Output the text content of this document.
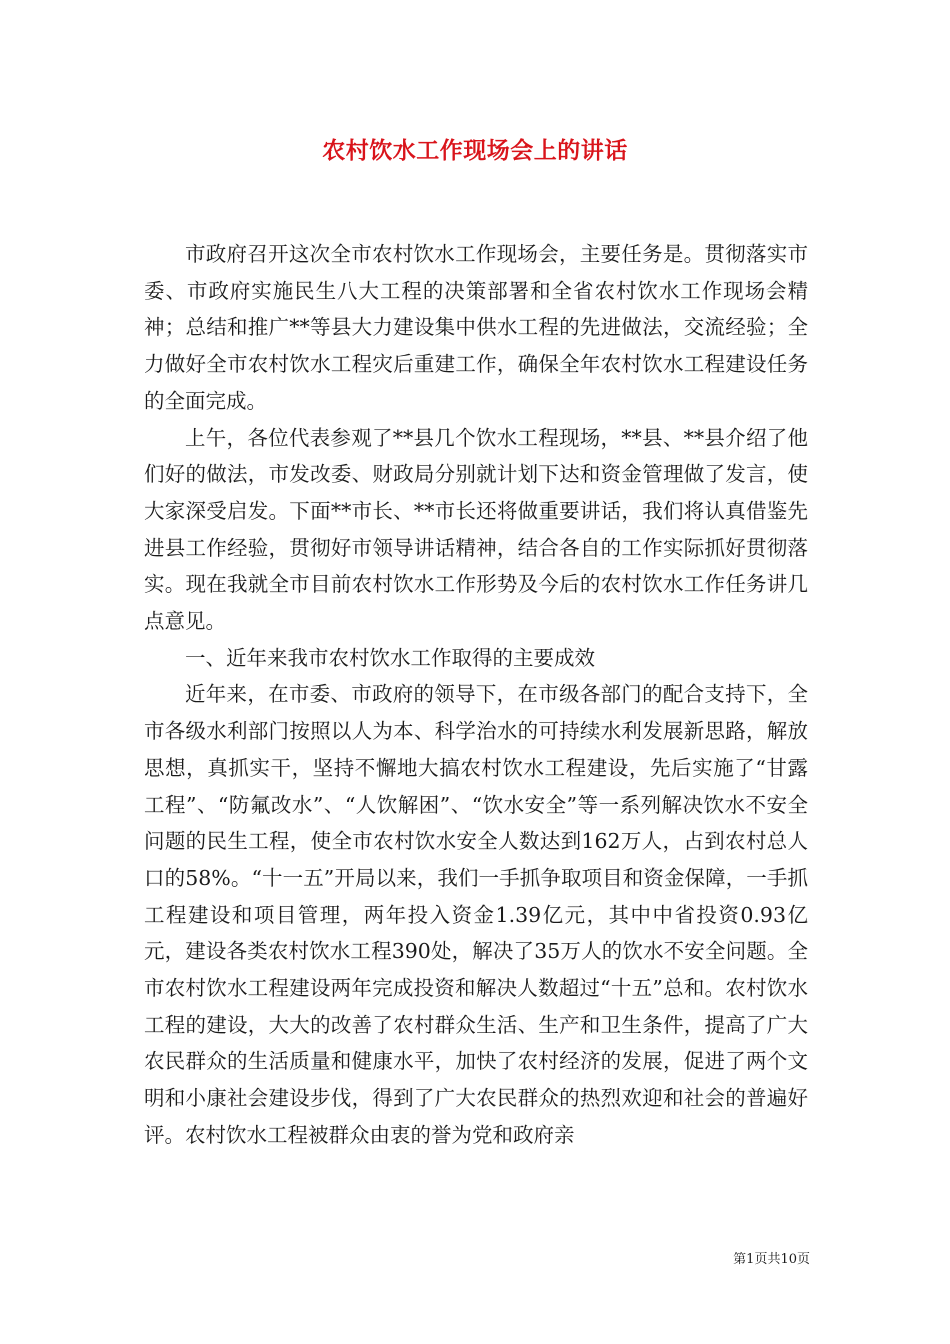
农村饮水工作现场会上的讲话

市政府召开这次全市农村饮水工作现场会，主要任务是。贯彻落实市委、市政府实施民生八大工程的决策部署和全省农村饮水工作现场会精神；总结和推广**等县大力建设集中供水工程的先进做法，交流经验；全力做好全市农村饮水工程灾后重建工作，确保全年农村饮水工程建设任务的全面完成。

上午，各位代表参观了**县几个饮水工程现场，**县、**县介绍了他们好的做法，市发改委、财政局分别就计划下达和资金管理做了发言，使大家深受启发。下面**市长、**市长还将做重要讲话，我们将认真借鉴先进县工作经验，贯彻好市领导讲话精神，结合各自的工作实际抓好贯彻落实。现在我就全市目前农村饮水工作形势及今后的农村饮水工作任务讲几点意见。

一、近年来我市农村饮水工作取得的主要成效

近年来，在市委、市政府的领导下，在市级各部门的配合支持下，全市各级水利部门按照以人为本、科学治水的可持续水利发展新思路，解放思想，真抓实干，坚持不懈地大搞农村饮水工程建设，先后实施了“甘露工程”、“防氟改水”、“人饮解困”、“饮水安全”等一系列解决饮水不安全问题的民生工程，使全市农村饮水安全人数达到162万人，占到农村总人口的58%。“十一五”开局以来，我们一手抓争取项目和资金保障，一手抓工程建设和项目管理，两年投入资金1.39亿元，其中中省投资0.93亿元，建设各类农村饮水工程390处，解决了35万人的饮水不安全问题。全市农村饮水工程建设两年完成投资和解决人数超过“十五”总和。农村饮水工程的建设，大大的改善了农村群众生活、生产和卫生条件，提高了广大农民群众的生活质量和健康水平，加快了农村经济的发展，促进了两个文明和小康社会建设步伐，得到了广大农民群众的热烈欢迎和社会的普遍好评。农村饮水工程被群众由衷的誉为党和政府亲

第1页共10页
